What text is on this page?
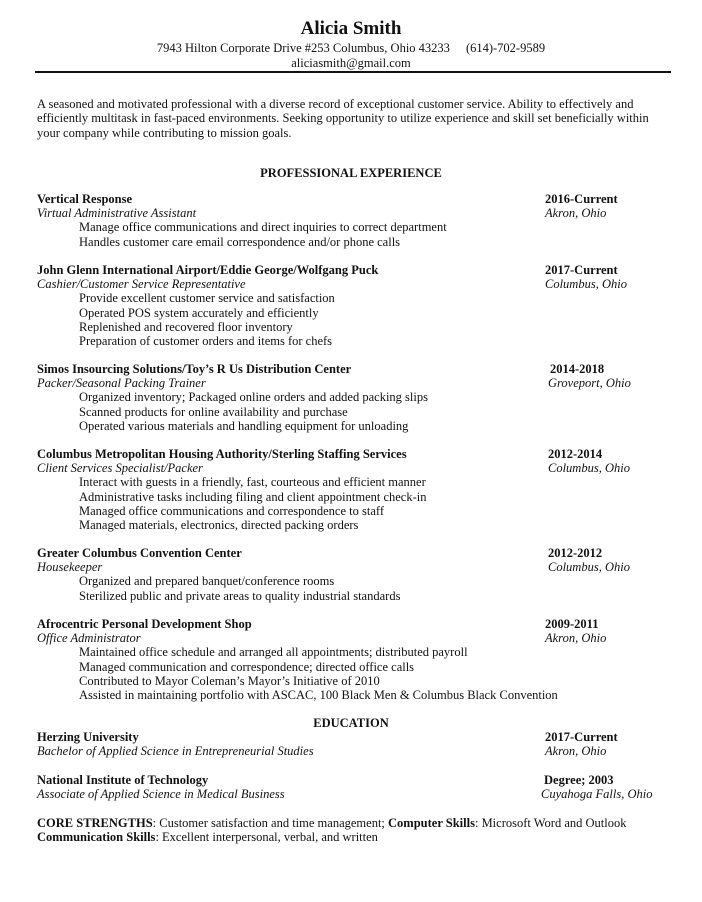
Alicia Smith
7943 Hilton Corporate Drive #253 Columbus, Ohio 43233 (614)-702-9589
aliciasmith@gmail.com
A seasoned and motivated professional with a diverse record of exceptional customer service. Ability to effectively and efficiently multitask in fast-paced environments. Seeking opportunity to utilize experience and skill set beneficially within your company while contributing to mission goals.
PROFESSIONAL EXPERIENCE
Vertical Response	2016-Current
Virtual Administrative Assistant	Akron, Ohio
Manage office communications and direct inquiries to correct department
Handles customer care email correspondence and/or phone calls
John Glenn International Airport/Eddie George/Wolfgang Puck	2017-Current
Cashier/Customer Service Representative	Columbus, Ohio
Provide excellent customer service and satisfaction
Operated POS system accurately and efficiently
Replenished and recovered floor inventory
Preparation of customer orders and items for chefs
Simos Insourcing Solutions/Toy’s R Us Distribution Center	2014-2018
Packer/Seasonal Packing Trainer	Groveport, Ohio
Organized inventory; Packaged online orders and added packing slips
Scanned products for online availability and purchase
Operated various materials and handling equipment for unloading
Columbus Metropolitan Housing Authority/Sterling Staffing Services	2012-2014
Client Services Specialist/Packer	Columbus, Ohio
Interact with guests in a friendly, fast, courteous and efficient manner
Administrative tasks including filing and client appointment check-in
Managed office communications and correspondence to staff
Managed materials, electronics, directed packing orders
Greater Columbus Convention Center	2012-2012
Housekeeper	Columbus, Ohio
Organized and prepared banquet/conference rooms
Sterilized public and private areas to quality industrial standards
Afrocentric Personal Development Shop	2009-2011
Office Administrator	Akron, Ohio
Maintained office schedule and arranged all appointments; distributed payroll
Managed communication and correspondence; directed office calls
Contributed to Mayor Coleman’s Mayor’s Initiative of 2010
Assisted in maintaining portfolio with ASCAC, 100 Black Men & Columbus Black Convention
EDUCATION
Herzing University	2017-Current
Bachelor of Applied Science in Entrepreneurial Studies	Akron, Ohio
National Institute of Technology	Degree; 2003
Associate of Applied Science in Medical Business	Cuyahoga Falls, Ohio
CORE STRENGTHS: Customer satisfaction and time management; Computer Skills: Microsoft Word and Outlook
Communication Skills: Excellent interpersonal, verbal, and written
